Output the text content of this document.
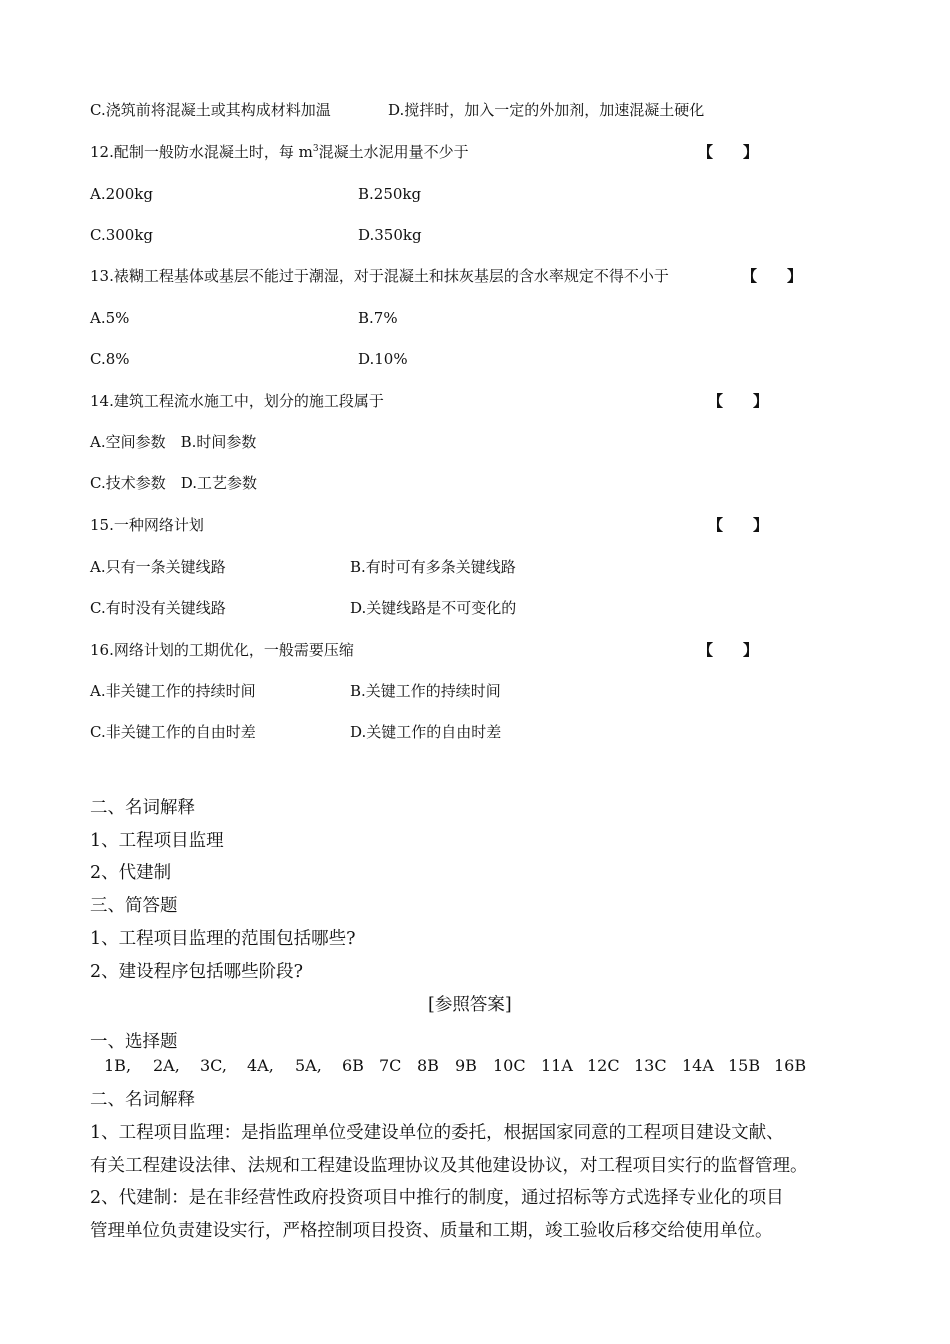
C.浇筑前将混凝土或其构成材料加温	D.搅拌时，加入一定的外加剂，加速混凝土硬化
12.配制一般防水混凝土时，每 $m^3$混凝土水泥用量不少于	【　　】
A.200kg	B.250kg
C.300kg	D.350kg
13.裱糊工程基体或基层不能过于潮湿，对于混凝土和抹灰基层的含水率规定不得不小于	【　　】
A.5%	B.7%
C.8%	D.10%
14.建筑工程流水施工中，划分的施工段属于	【　　】
A.空间参数　B.时间参数
C.技术参数　D.工艺参数
15.一种网络计划	【　　】
A.只有一条关键线路	B.有时可有多条关键线路
C.有时没有关键线路	D.关键线路是不可变化的
16.网络计划的工期优化，一般需要压缩	【　　】
A.非关键工作的持续时间	B.关键工作的持续时间
C.非关键工作的自由时差	D.关键工作的自由时差
二、名词解释
1、工程项目监理
2、代建制
三、简答题
1、工程项目监理的范围包括哪些?
2、建设程序包括哪些阶段?
[参照答案]
一、选择题
1B, 2A, 3C, 4A, 5A, 6B 7C 8B 9B 10C 11A 12C 13C 14A 15B 16B
二、名词解释
1、工程项目监理：是指监理单位受建设单位的委托，根据国家同意的工程项目建设文献、
有关工程建设法律、法规和工程建设监理协议及其他建设协议，对工程项目实行的监督管理。
2、代建制：是在非经营性政府投资项目中推行的制度，通过招标等方式选择专业化的项目
管理单位负责建设实行，严格控制项目投资、质量和工期，竣工验收后移交给使用单位。
